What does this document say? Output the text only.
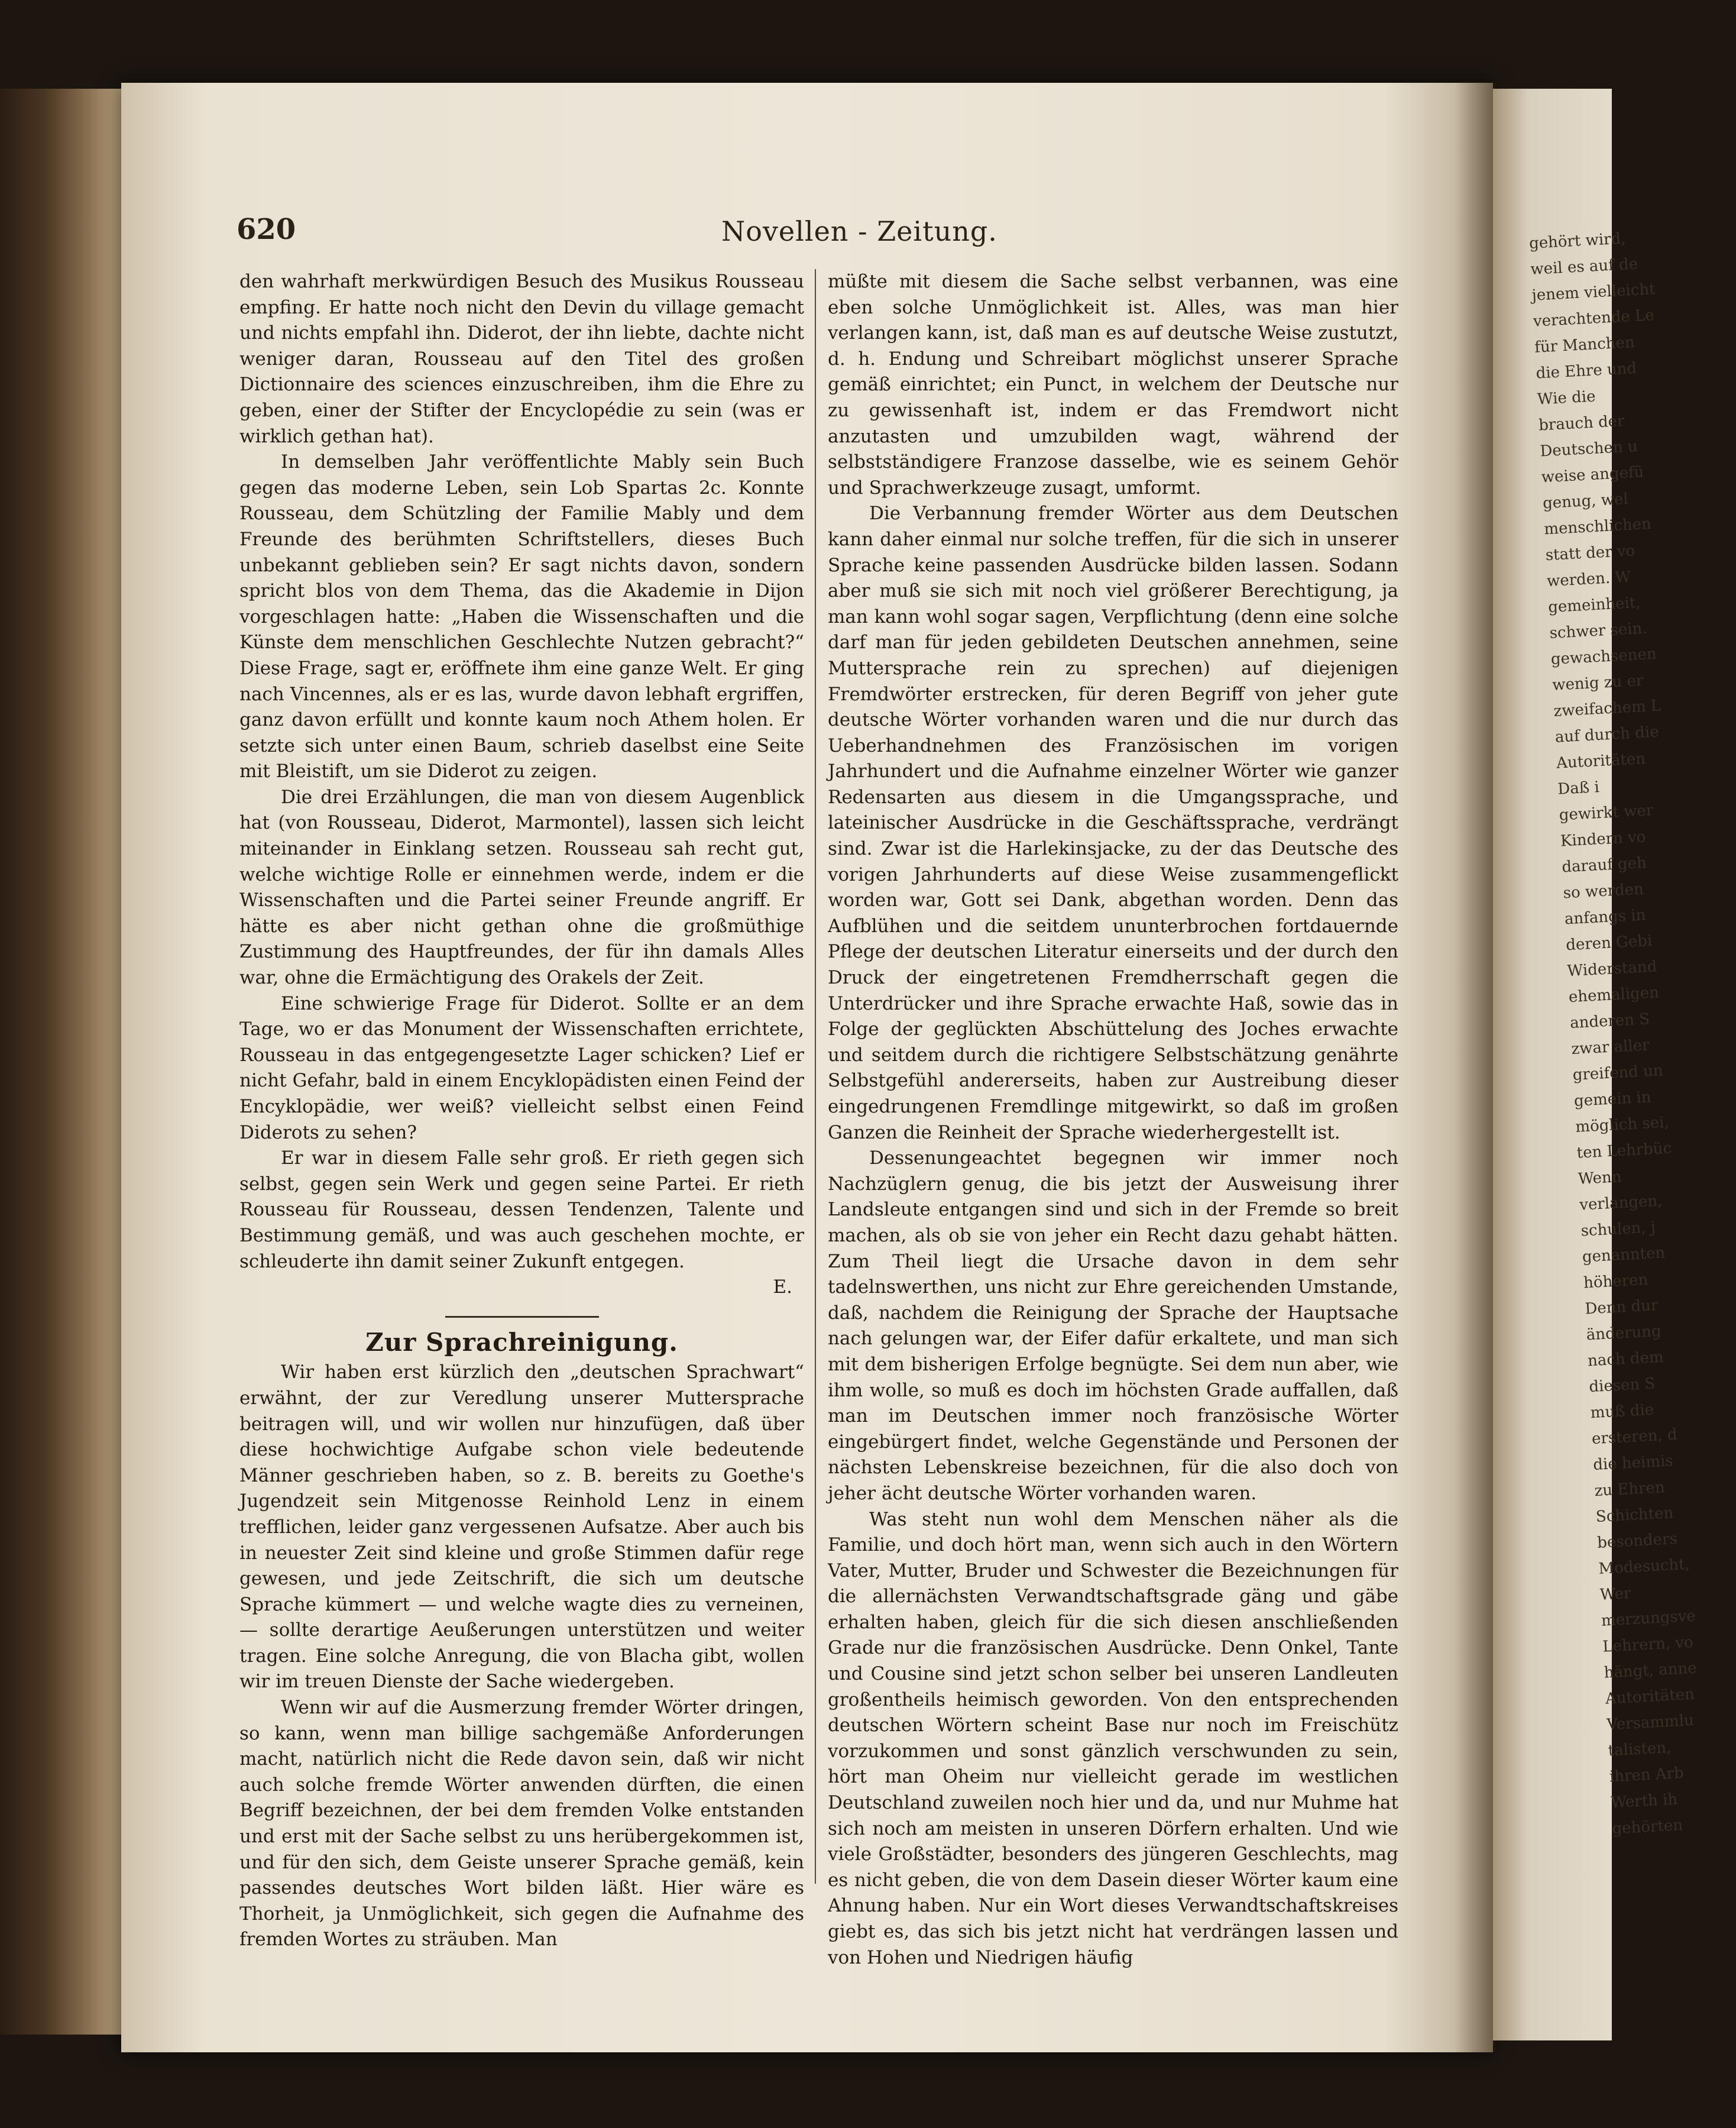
gehört wird,
weil es auf de
jenem vielleicht
verachtende Le
für Manchen
die Ehre und
Wie die
brauch der
Deutschen u
weise angefü
genug, wel
menschlichen
statt der vo
werden. W
gemeinheit,
schwer sein.
gewachsenen
wenig zu er
zweifachem L
auf durch die
Autoritäten
Daß i
gewirkt wer
Kindern vo
darauf geh
so werden
anfangs in
deren Gebi
Widerstand
ehemaligen
anderen S
zwar aller
greifend un
gemein in
möglich sei,
ten Lehrbüc
Wenn
verlangen,
schulen, j
genannten
höheren
Denn dur
änderung
nach dem
diesen S
muß die
ersteren, d
die heimis
zu Ehren
Schichten
besonders
Modesucht,
Wer
merzungsve
Lehrern, vo
hängt, anne
Autoritäten
Versammlu
talisten,
ihren Arb
Werth ih
gehörten
620	Novellen - Zeitung.

den wahrhaft merkwürdigen Besuch des Musikus Rousseau empfing. Er hatte noch nicht den Devin du village gemacht und nichts empfahl ihn. Diderot, der ihn liebte, dachte nicht weniger daran, Rousseau auf den Titel des großen Dictionnaire des sciences einzuschreiben, ihm die Ehre zu geben, einer der Stifter der Encyclopédie zu sein (was er wirklich gethan hat).

In demselben Jahr veröffentlichte Mably sein Buch gegen das moderne Leben, sein Lob Spartas 2c. Konnte Rousseau, dem Schützling der Familie Mably und dem Freunde des berühmten Schriftstellers, dieses Buch unbekannt geblieben sein? Er sagt nichts davon, sondern spricht blos von dem Thema, das die Akademie in Dijon vorgeschlagen hatte: „Haben die Wissenschaften und die Künste dem menschlichen Geschlechte Nutzen gebracht?“ Diese Frage, sagt er, eröffnete ihm eine ganze Welt. Er ging nach Vincennes, als er es las, wurde davon lebhaft ergriffen, ganz davon erfüllt und konnte kaum noch Athem holen. Er setzte sich unter einen Baum, schrieb daselbst eine Seite mit Bleistift, um sie Diderot zu zeigen.

Die drei Erzählungen, die man von diesem Augenblick hat (von Rousseau, Diderot, Marmontel), lassen sich leicht miteinander in Einklang setzen. Rousseau sah recht gut, welche wichtige Rolle er einnehmen werde, indem er die Wissenschaften und die Partei seiner Freunde angriff. Er hätte es aber nicht gethan ohne die großmüthige Zustimmung des Hauptfreundes, der für ihn damals Alles war, ohne die Ermächtigung des Orakels der Zeit.

Eine schwierige Frage für Diderot. Sollte er an dem Tage, wo er das Monument der Wissenschaften errichtete, Rousseau in das entgegengesetzte Lager schicken? Lief er nicht Gefahr, bald in einem Encyklopädisten einen Feind der Encyklopädie, wer weiß? vielleicht selbst einen Feind Diderots zu sehen?

Er war in diesem Falle sehr groß. Er rieth gegen sich selbst, gegen sein Werk und gegen seine Partei. Er rieth Rousseau für Rousseau, dessen Tendenzen, Talente und Bestimmung gemäß, und was auch geschehen mochte, er schleuderte ihn damit seiner Zukunft entgegen.

E.
Zur Sprachreinigung.

Wir haben erst kürzlich den „deutschen Sprachwart“ erwähnt, der zur Veredlung unserer Muttersprache beitragen will, und wir wollen nur hinzufügen, daß über diese hochwichtige Aufgabe schon viele bedeutende Männer geschrieben haben, so z. B. bereits zu Goethe's Jugendzeit sein Mitgenosse Reinhold Lenz in einem trefflichen, leider ganz vergessenen Aufsatze. Aber auch bis in neuester Zeit sind kleine und große Stimmen dafür rege gewesen, und jede Zeitschrift, die sich um deutsche Sprache kümmert — und welche wagte dies zu verneinen, — sollte derartige Aeußerungen unterstützen und weiter tragen. Eine solche Anregung, die von Blacha gibt, wollen wir im treuen Dienste der Sache wiedergeben.

Wenn wir auf die Ausmerzung fremder Wörter dringen, so kann, wenn man billige sachgemäße Anforderungen macht, natürlich nicht die Rede davon sein, daß wir nicht auch solche fremde Wörter anwenden dürften, die einen Begriff bezeichnen, der bei dem fremden Volke entstanden und erst mit der Sache selbst zu uns herübergekommen ist, und für den sich, dem Geiste unserer Sprache gemäß, kein passendes deutsches Wort bilden läßt. Hier wäre es Thorheit, ja Unmöglichkeit, sich gegen die Aufnahme des fremden Wortes zu sträuben. Man

müßte mit diesem die Sache selbst verbannen, was eine eben solche Unmöglichkeit ist. Alles, was man hier verlangen kann, ist, daß man es auf deutsche Weise zustutzt, d. h. Endung und Schreibart möglichst unserer Sprache gemäß einrichtet; ein Punct, in welchem der Deutsche nur zu gewissenhaft ist, indem er das Fremdwort nicht anzutasten und umzubilden wagt, während der selbstständigere Franzose dasselbe, wie es seinem Gehör und Sprachwerkzeuge zusagt, umformt.

Die Verbannung fremder Wörter aus dem Deutschen kann daher einmal nur solche treffen, für die sich in unserer Sprache keine passenden Ausdrücke bilden lassen. Sodann aber muß sie sich mit noch viel größerer Berechtigung, ja man kann wohl sogar sagen, Verpflichtung (denn eine solche darf man für jeden gebildeten Deutschen annehmen, seine Muttersprache rein zu sprechen) auf diejenigen Fremdwörter erstrecken, für deren Begriff von jeher gute deutsche Wörter vorhanden waren und die nur durch das Ueberhandnehmen des Französischen im vorigen Jahrhundert und die Aufnahme einzelner Wörter wie ganzer Redensarten aus diesem in die Umgangssprache, und lateinischer Ausdrücke in die Geschäftssprache, verdrängt sind. Zwar ist die Harlekinsjacke, zu der das Deutsche des vorigen Jahrhunderts auf diese Weise zusammengeflickt worden war, Gott sei Dank, abgethan worden. Denn das Aufblühen und die seitdem ununterbrochen fortdauernde Pflege der deutschen Literatur einerseits und der durch den Druck der eingetretenen Fremdherrschaft gegen die Unterdrücker und ihre Sprache erwachte Haß, sowie das in Folge der geglückten Abschüttelung des Joches erwachte und seitdem durch die richtigere Selbstschätzung genährte Selbstgefühl andererseits, haben zur Austreibung dieser eingedrungenen Fremdlinge mitgewirkt, so daß im großen Ganzen die Reinheit der Sprache wiederhergestellt ist.

Dessenungeachtet begegnen wir immer noch Nachzüglern genug, die bis jetzt der Ausweisung ihrer Landsleute entgangen sind und sich in der Fremde so breit machen, als ob sie von jeher ein Recht dazu gehabt hätten. Zum Theil liegt die Ursache davon in dem sehr tadelnswerthen, uns nicht zur Ehre gereichenden Umstande, daß, nachdem die Reinigung der Sprache der Hauptsache nach gelungen war, der Eifer dafür erkaltete, und man sich mit dem bisherigen Erfolge begnügte. Sei dem nun aber, wie ihm wolle, so muß es doch im höchsten Grade auffallen, daß man im Deutschen immer noch französische Wörter eingebürgert findet, welche Gegenstände und Personen der nächsten Lebenskreise bezeichnen, für die also doch von jeher ächt deutsche Wörter vorhanden waren.

Was steht nun wohl dem Menschen näher als die Familie, und doch hört man, wenn sich auch in den Wörtern Vater, Mutter, Bruder und Schwester die Bezeichnungen für die allernächsten Verwandtschaftsgrade gäng und gäbe erhalten haben, gleich für die sich diesen anschließenden Grade nur die französischen Ausdrücke. Denn Onkel, Tante und Cousine sind jetzt schon selber bei unseren Landleuten großentheils heimisch geworden. Von den entsprechenden deutschen Wörtern scheint Base nur noch im Freischütz vorzukommen und sonst gänzlich verschwunden zu sein, hört man Oheim nur vielleicht gerade im westlichen Deutschland zuweilen noch hier und da, und nur Muhme hat sich noch am meisten in unseren Dörfern erhalten. Und wie viele Großstädter, besonders des jüngeren Geschlechts, mag es nicht geben, die von dem Dasein dieser Wörter kaum eine Ahnung haben. Nur ein Wort dieses Verwandtschaftskreises giebt es, das sich bis jetzt nicht hat verdrängen lassen und von Hohen und Niedrigen häufig
